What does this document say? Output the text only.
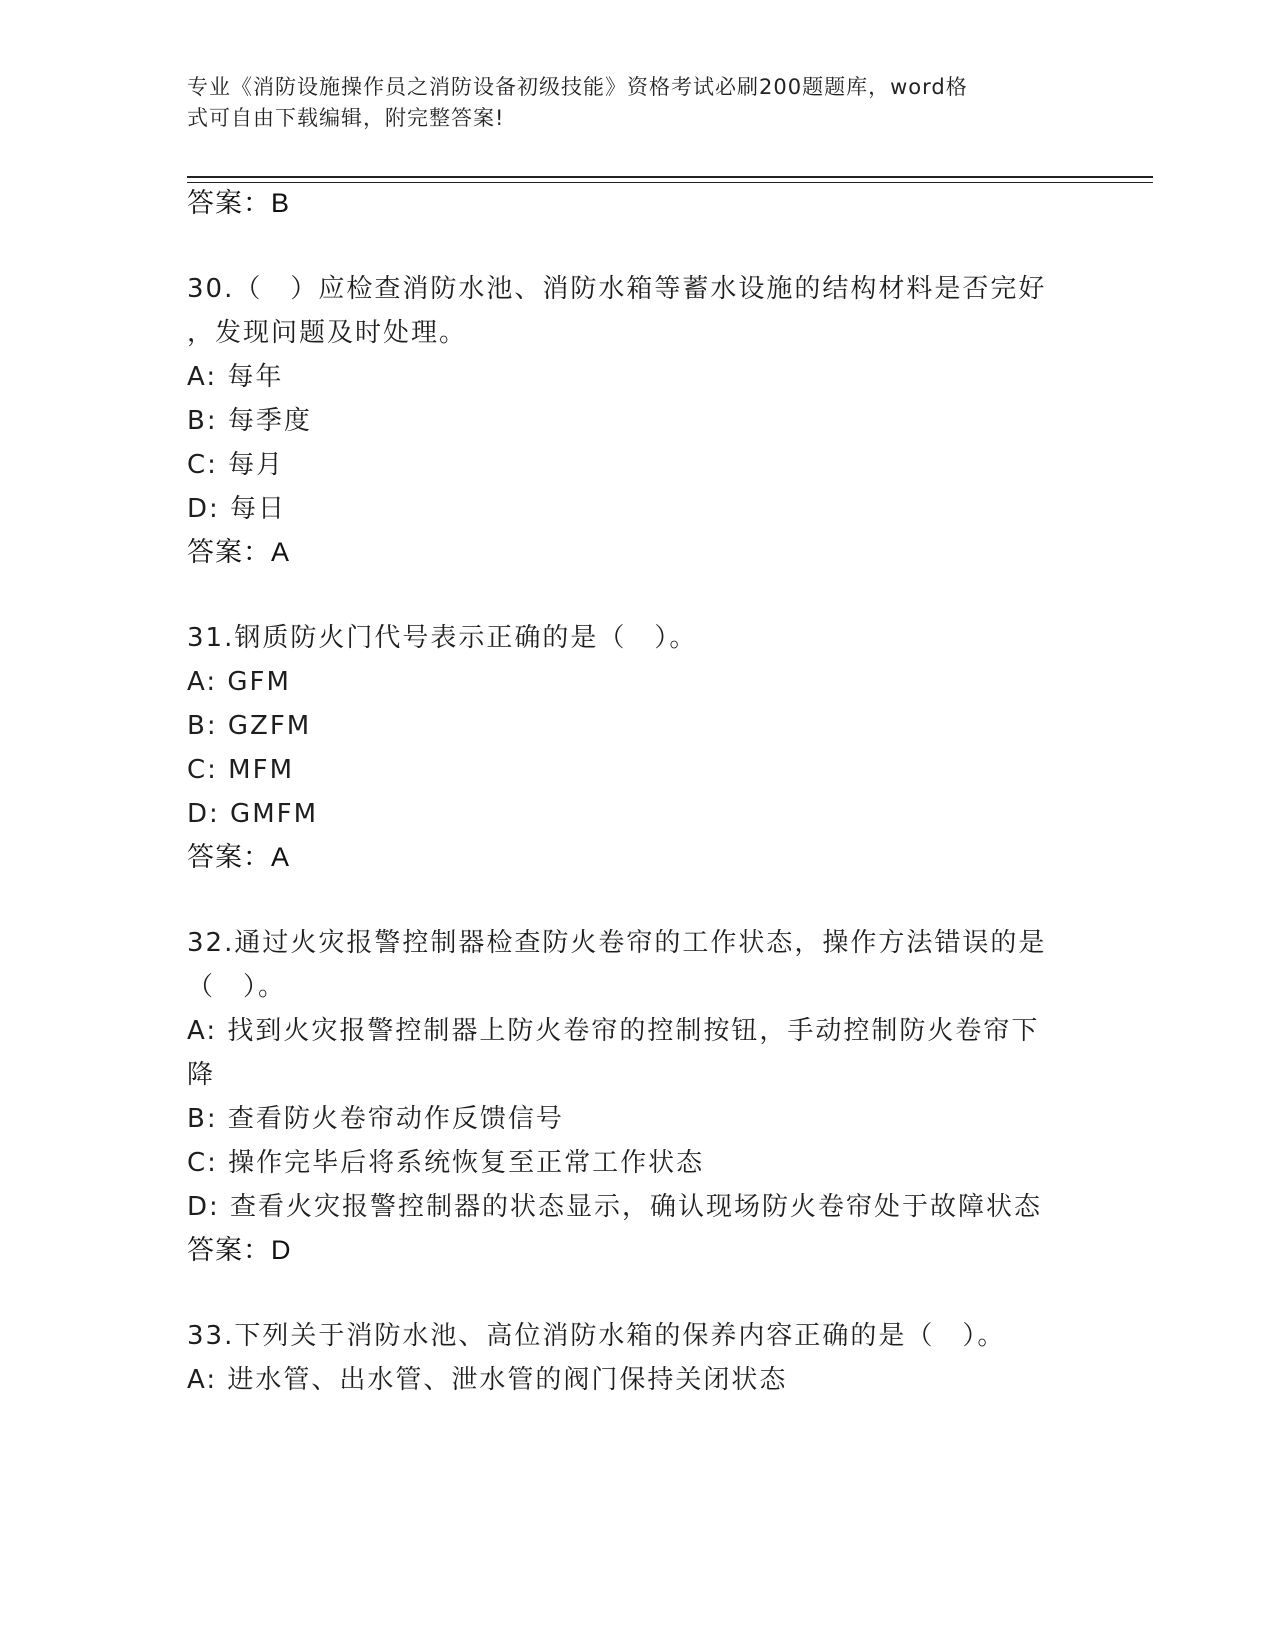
专业《消防设施操作员之消防设备初级技能》资格考试必刷200题题库，word格
式可自由下载编辑，附完整答案!
答案：B
30.（　）应检查消防水池、消防水箱等蓄水设施的结构材料是否完好
，发现问题及时处理。
A: 每年
B: 每季度
C: 每月
D: 每日
答案：A
31.钢质防火门代号表示正确的是（　）。
A: GFM
B: GZFM
C: MFM
D: GMFM
答案：A
32.通过火灾报警控制器检查防火卷帘的工作状态，操作方法错误的是
（　）。
A: 找到火灾报警控制器上防火卷帘的控制按钮，手动控制防火卷帘下
降
B: 查看防火卷帘动作反馈信号
C: 操作完毕后将系统恢复至正常工作状态
D: 查看火灾报警控制器的状态显示，确认现场防火卷帘处于故障状态
答案：D
33.下列关于消防水池、高位消防水箱的保养内容正确的是（　）。
A: 进水管、出水管、泄水管的阀门保持关闭状态
